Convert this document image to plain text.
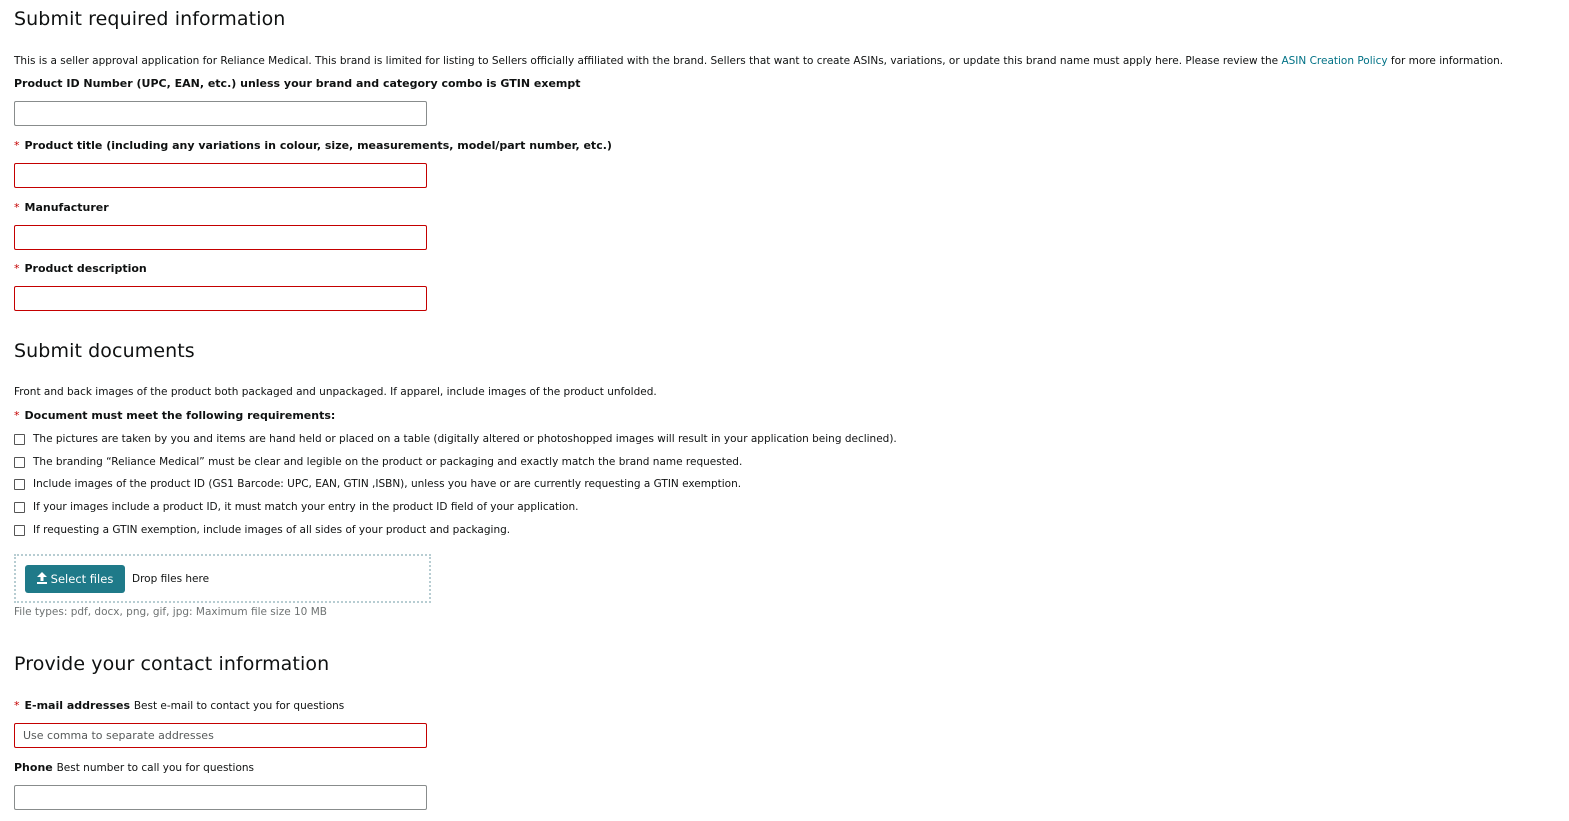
Submit required information
This is a seller approval application for Reliance Medical. This brand is limited for listing to Sellers officially affiliated with the brand. Sellers that want to create ASINs, variations, or update this brand name must apply here. Please review the ASIN Creation Policy for more information.
Product ID Number (UPC, EAN, etc.) unless your brand and category combo is GTIN exempt
* Product title (including any variations in colour, size, measurements, model/part number, etc.)
* Manufacturer
* Product description
Submit documents
Front and back images of the product both packaged and unpackaged. If apparel, include images of the product unfolded.
* Document must meet the following requirements:
The pictures are taken by you and items are hand held or placed on a table (digitally altered or photoshopped images will result in your application being declined).
The branding “Reliance Medical” must be clear and legible on the product or packaging and exactly match the brand name requested.
Include images of the product ID (GS1 Barcode: UPC, EAN, GTIN ,ISBN), unless you have or are currently requesting a GTIN exemption.
If your images include a product ID, it must match your entry in the product ID field of your application.
If requesting a GTIN exemption, include images of all sides of your product and packaging.
Select files Drop files here
File types: pdf, docx, png, gif, jpg: Maximum file size 10 MB
Provide your contact information
* E-mail addresses Best e-mail to contact you for questions
Use comma to separate addresses
Phone Best number to call you for questions
